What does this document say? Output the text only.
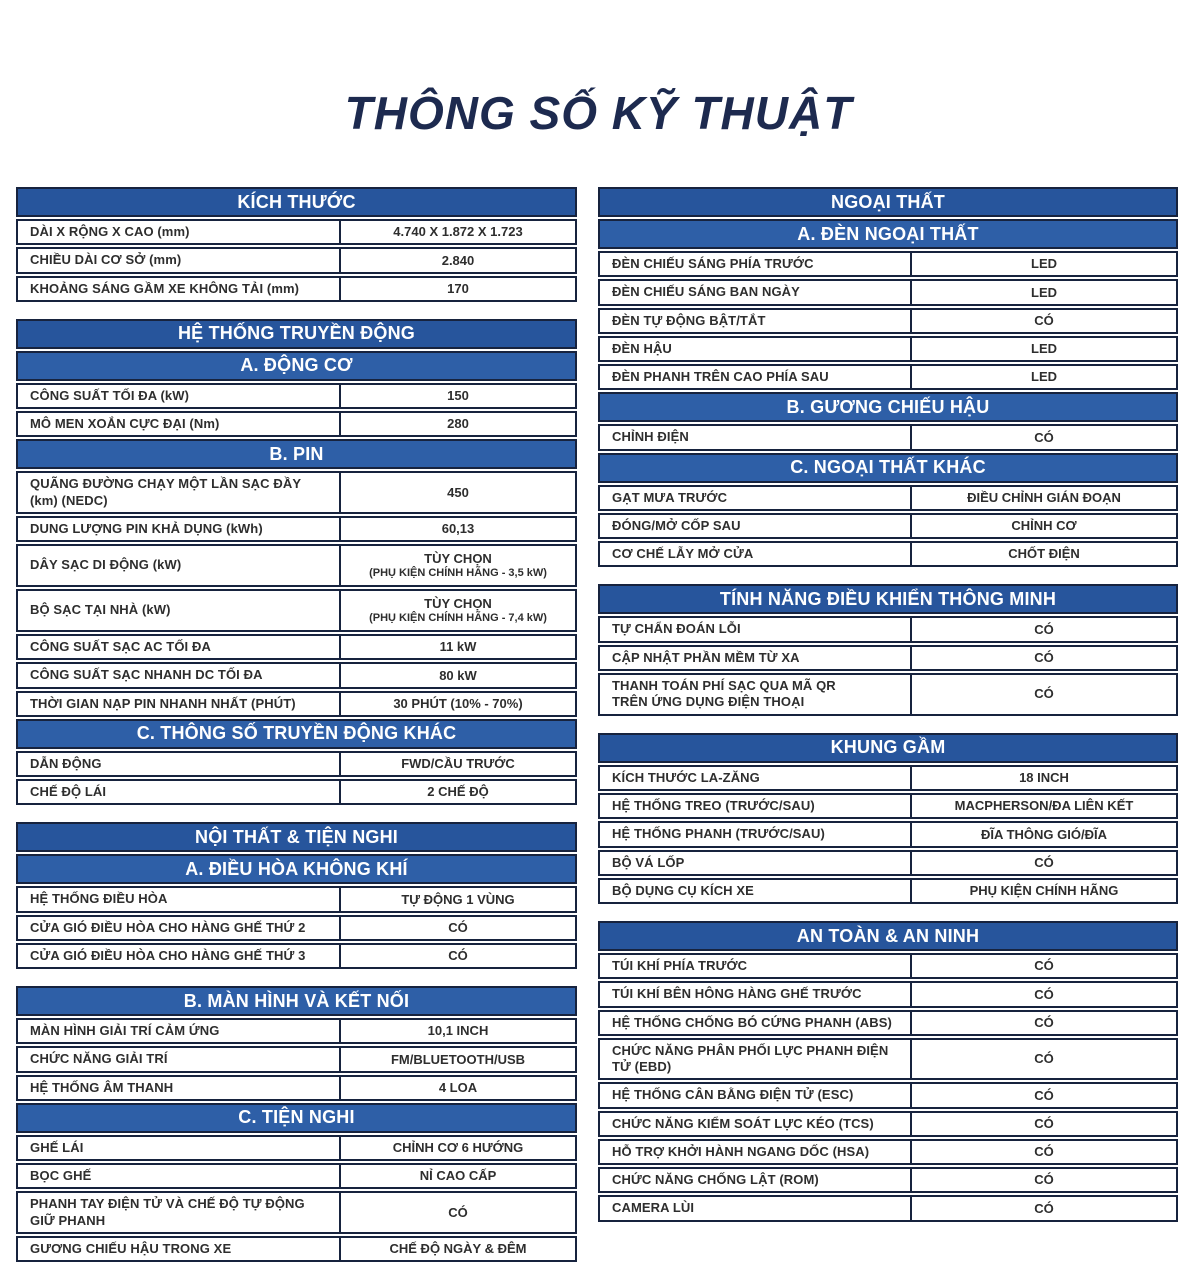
THÔNG SỐ KỸ THUẬT
KÍCH THƯỚC
DÀI X RỘNG X CAO (mm)	4.740 X 1.872 X 1.723
CHIỀU DÀI CƠ SỞ (mm)	2.840
KHOẢNG SÁNG GẦM XE KHÔNG TẢI (mm)	170
HỆ THỐNG TRUYỀN ĐỘNG
A. ĐỘNG CƠ
CÔNG SUẤT TỐI ĐA (kW)	150
MÔ MEN XOẮN CỰC ĐẠI (Nm)	280
B. PIN
QUÃNG ĐƯỜNG CHẠY MỘT LẦN SẠC ĐẦY (km) (NEDC)
450
DUNG LƯỢNG PIN KHẢ DỤNG (kWh)	60,13
DÂY SẠC DI ĐỘNG (kW)	TÙY CHỌN
(PHỤ KIỆN CHÍNH HÃNG - 3,5 kW)
BỘ SẠC TẠI NHÀ (kW)	TÙY CHỌN
(PHỤ KIỆN CHÍNH HÃNG - 7,4 kW)
CÔNG SUẤT SẠC AC TỐI ĐA	11 kW
CÔNG SUẤT SẠC NHANH DC TỐI ĐA	80 kW
THỜI GIAN NẠP PIN NHANH NHẤT (PHÚT)	30 PHÚT (10% - 70%)
C. THÔNG SỐ TRUYỀN ĐỘNG KHÁC
DẪN ĐỘNG	FWD/CẦU TRƯỚC
CHẾ ĐỘ LÁI	2 CHẾ ĐỘ
NỘI THẤT & TIỆN NGHI
A. ĐIỀU HÒA KHÔNG KHÍ
HỆ THỐNG ĐIỀU HÒA	TỰ ĐỘNG 1 VÙNG
CỬA GIÓ ĐIỀU HÒA CHO HÀNG GHẾ THỨ 2	CÓ
CỬA GIÓ ĐIỀU HÒA CHO HÀNG GHẾ THỨ 3	CÓ
B. MÀN HÌNH VÀ KẾT NỐI
MÀN HÌNH GIẢI TRÍ CẢM ỨNG	10,1 INCH
CHỨC NĂNG GIẢI TRÍ	FM/BLUETOOTH/USB
HỆ THỐNG ÂM THANH	4 LOA
C. TIỆN NGHI
GHẾ LÁI	CHỈNH CƠ 6 HƯỚNG
BỌC GHẾ	NỈ CAO CẤP
PHANH TAY ĐIỆN TỬ VÀ CHẾ ĐỘ TỰ ĐỘNG GIỮ PHANH
CÓ
GƯƠNG CHIẾU HẬU TRONG XE	CHẾ ĐỘ NGÀY & ĐÊM
NGOẠI THẤT
A. ĐÈN NGOẠI THẤT
ĐÈN CHIẾU SÁNG PHÍA TRƯỚC	LED
ĐÈN CHIẾU SÁNG BAN NGÀY	LED
ĐÈN TỰ ĐỘNG BẬT/TẮT	CÓ
ĐÈN HẬU	LED
ĐÈN PHANH TRÊN CAO PHÍA SAU	LED
B. GƯƠNG CHIẾU HẬU
CHỈNH ĐIỆN	CÓ
C. NGOẠI THẤT KHÁC
GẠT MƯA TRƯỚC	ĐIỀU CHỈNH GIÁN ĐOẠN
ĐÓNG/MỞ CỐP SAU	CHỈNH CƠ
CƠ CHẾ LẪY MỞ CỬA	CHỐT ĐIỆN
TÍNH NĂNG ĐIỀU KHIỂN THÔNG MINH
TỰ CHẨN ĐOÁN LỖI	CÓ
CẬP NHẬT PHẦN MỀM TỪ XA	CÓ
THANH TOÁN PHÍ SẠC QUA MÃ QR
TRÊN ỨNG DỤNG ĐIỆN THOẠI
CÓ
KHUNG GẦM
KÍCH THƯỚC LA-ZĂNG	18 INCH
HỆ THỐNG TREO (TRƯỚC/SAU)	MACPHERSON/ĐA LIÊN KẾT
HỆ THỐNG PHANH (TRƯỚC/SAU)	ĐĨA THÔNG GIÓ/ĐĨA
BỘ VÁ LỐP	CÓ
BỘ DỤNG CỤ KÍCH XE	PHỤ KIỆN CHÍNH HÃNG
AN TOÀN & AN NINH
TÚI KHÍ PHÍA TRƯỚC	CÓ
TÚI KHÍ BÊN HÔNG HÀNG GHẾ TRƯỚC	CÓ
HỆ THỐNG CHỐNG BÓ CỨNG PHANH (ABS)	CÓ
CHỨC NĂNG PHÂN PHỐI LỰC PHANH ĐIỆN TỬ (EBD)
CÓ
HỆ THỐNG CÂN BẰNG ĐIỆN TỬ (ESC)	CÓ
CHỨC NĂNG KIỂM SOÁT LỰC KÉO (TCS)	CÓ
HỖ TRỢ KHỞI HÀNH NGANG DỐC (HSA)	CÓ
CHỨC NĂNG CHỐNG LẬT (ROM)	CÓ
CAMERA LÙI	CÓ
